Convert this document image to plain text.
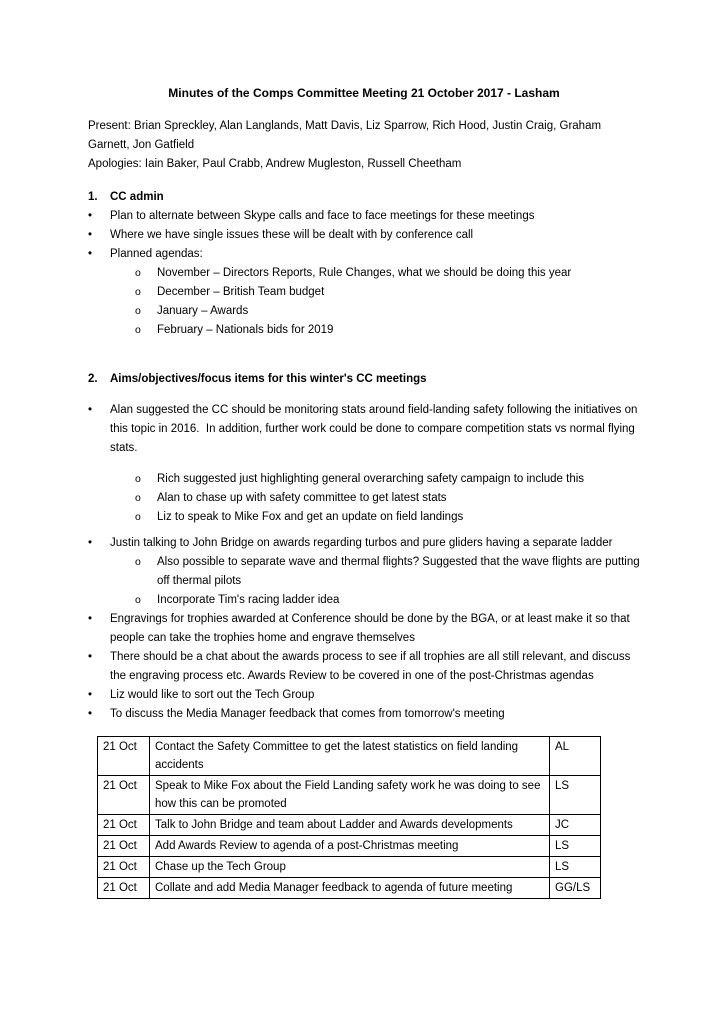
Minutes of the Comps Committee Meeting 21 October 2017 - Lasham

Present: Brian Spreckley, Alan Langlands, Matt Davis, Liz Sparrow, Rich Hood, Justin Craig, Graham Garnett, Jon Gatfield

Apologies: Iain Baker, Paul Crabb, Andrew Mugleston, Russell Cheetham

1.	CC admin
•	Plan to alternate between Skype calls and face to face meetings for these meetings
•	Where we have single issues these will be dealt with by conference call
•	Planned agendas:
o	November – Directors Reports, Rule Changes, what we should be doing this year
o	December – British Team budget
o	January – Awards
o	February – Nationals bids for 2019
2.	Aims/objectives/focus items for this winter's CC meetings
•	Alan suggested the CC should be monitoring stats around field-landing safety following the initiatives on this topic in 2016.  In addition, further work could be done to compare competition stats vs normal flying stats.
o	Rich suggested just highlighting general overarching safety campaign to include this
o	Alan to chase up with safety committee to get latest stats
o	Liz to speak to Mike Fox and get an update on field landings
•	Justin talking to John Bridge on awards regarding turbos and pure gliders having a separate ladder
o	Also possible to separate wave and thermal flights? Suggested that the wave flights are putting off thermal pilots
o	Incorporate Tim's racing ladder idea
•	Engravings for trophies awarded at Conference should be done by the BGA, or at least make it so that people can take the trophies home and engrave themselves
•	There should be a chat about the awards process to see if all trophies are all still relevant, and discuss the engraving process etc. Awards Review to be covered in one of the post-Christmas agendas
•	Liz would like to sort out the Tech Group
•	To discuss the Media Manager feedback that comes from tomorrow's meeting
21 Oct	Contact the Safety Committee to get the latest statistics on field landing accidents	AL
21 Oct	Speak to Mike Fox about the Field Landing safety work he was doing to see how this can be promoted	LS
21 Oct	Talk to John Bridge and team about Ladder and Awards developments	JC
21 Oct	Add Awards Review to agenda of a post-Christmas meeting	LS
21 Oct	Chase up the Tech Group	LS
21 Oct	Collate and add Media Manager feedback to agenda of future meeting	GG/LS
